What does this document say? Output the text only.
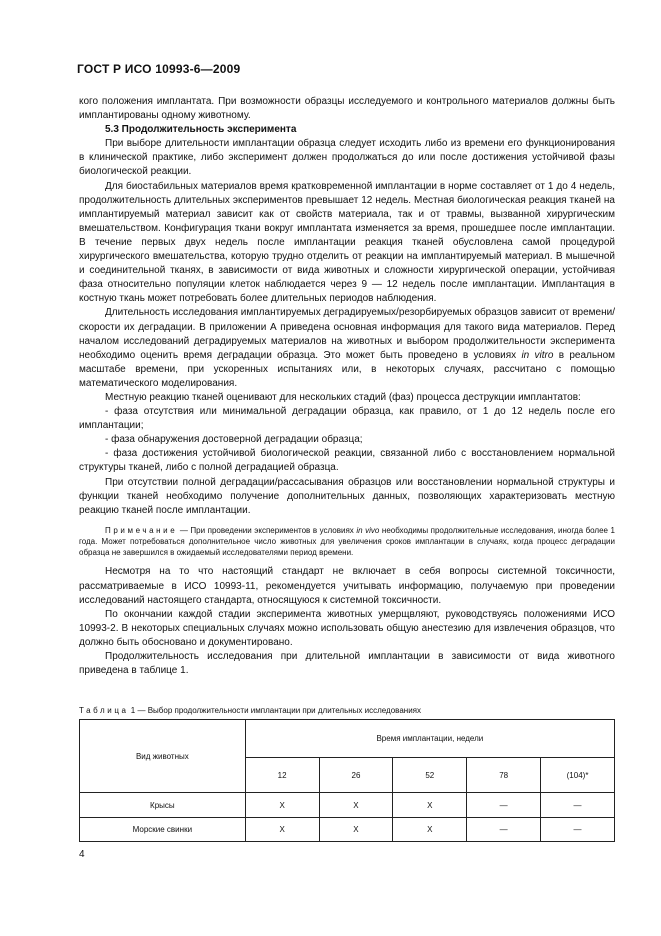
ГОСТ Р ИСО 10993-6—2009

кого положения имплантата. При возможности образцы исследуемого и контрольного материалов должны быть имплантированы одному животному.

5.3 Продолжительность эксперимента

При выборе длительности имплантации образца следует исходить либо из времени его функционирования в клинической практике, либо эксперимент должен продолжаться до или после достижения устойчивой фазы биологической реакции.

Для биостабильных материалов время кратковременной имплантации в норме составляет от 1 до 4 недель, продолжительность длительных экспериментов превышает 12 недель. Местная биологическая реакция тканей на имплантируемый материал зависит как от свойств материала, так и от травмы, вызванной хирургическим вмешательством. Конфигурация ткани вокруг имплантата изменяется за время, прошедшее после имплантации. В течение первых двух недель после имплантации реакция тканей обусловлена самой процедурой хирургического вмешательства, которую трудно отделить от реакции на имплантируемый материал. В мышечной и соединительной тканях, в зависимости от вида животных и сложности хирургической операции, устойчивая фаза относительно популяции клеток наблюдается через 9 — 12 недель после имплантации. Имплантация в костную ткань может потребовать более длительных периодов наблюдения.

Длительность исследования имплантируемых деградируемых/резорбируемых образцов зависит от времени/скорости их деградации. В приложении А приведена основная информация для такого вида материалов. Перед началом исследований деградируемых материалов на животных и выбором продолжительности эксперимента необходимо оценить время деградации образца. Это может быть проведено в условиях in vitro в реальном масштабе времени, при ускоренных испытаниях или, в некоторых случаях, рассчитано с помощью математического моделирования.

Местную реакцию тканей оценивают для нескольких стадий (фаз) процесса деструкции имплантатов:

- фаза отсутствия или минимальной деградации образца, как правило, от 1 до 12 недель после его имплантации;

- фаза обнаружения достоверной деградации образца;

- фаза достижения устойчивой биологической реакции, связанной либо с восстановлением нормальной структуры тканей, либо с полной деградацией образца.

При отсутствии полной деградации/рассасывания образцов или восстановлении нормальной структуры и функции тканей необходимо получение дополнительных данных, позволяющих характеризовать местную реакцию тканей после имплантации.

Примечание — При проведении экспериментов в условиях in vivo необходимы продолжительные исследования, иногда более 1 года. Может потребоваться дополнительное число животных для увеличения сроков имплантации в случаях, когда процесс деградации образца не завершился в ожидаемый исследователями период времени.

Несмотря на то что настоящий стандарт не включает в себя вопросы системной токсичности, рассматриваемые в ИСО 10993-11, рекомендуется учитывать информацию, получаемую при проведении исследований настоящего стандарта, относящуюся к системной токсичности.

По окончании каждой стадии эксперимента животных умерщвляют, руководствуясь положениями ИСО 10993-2. В некоторых специальных случаях можно использовать общую анестезию для извлечения образцов, что должно быть обосновано и документировано.

Продолжительность исследования при длительной имплантации в зависимости от вида животного приведена в таблице 1.

Таблица 1 — Выбор продолжительности имплантации при длительных исследованиях
Вид животных	Время имплантации, недели				
	12	26	52	78	(104)*
Крысы	X	X	X	—	—
Морские свинки	X	X	X	—	—
4
